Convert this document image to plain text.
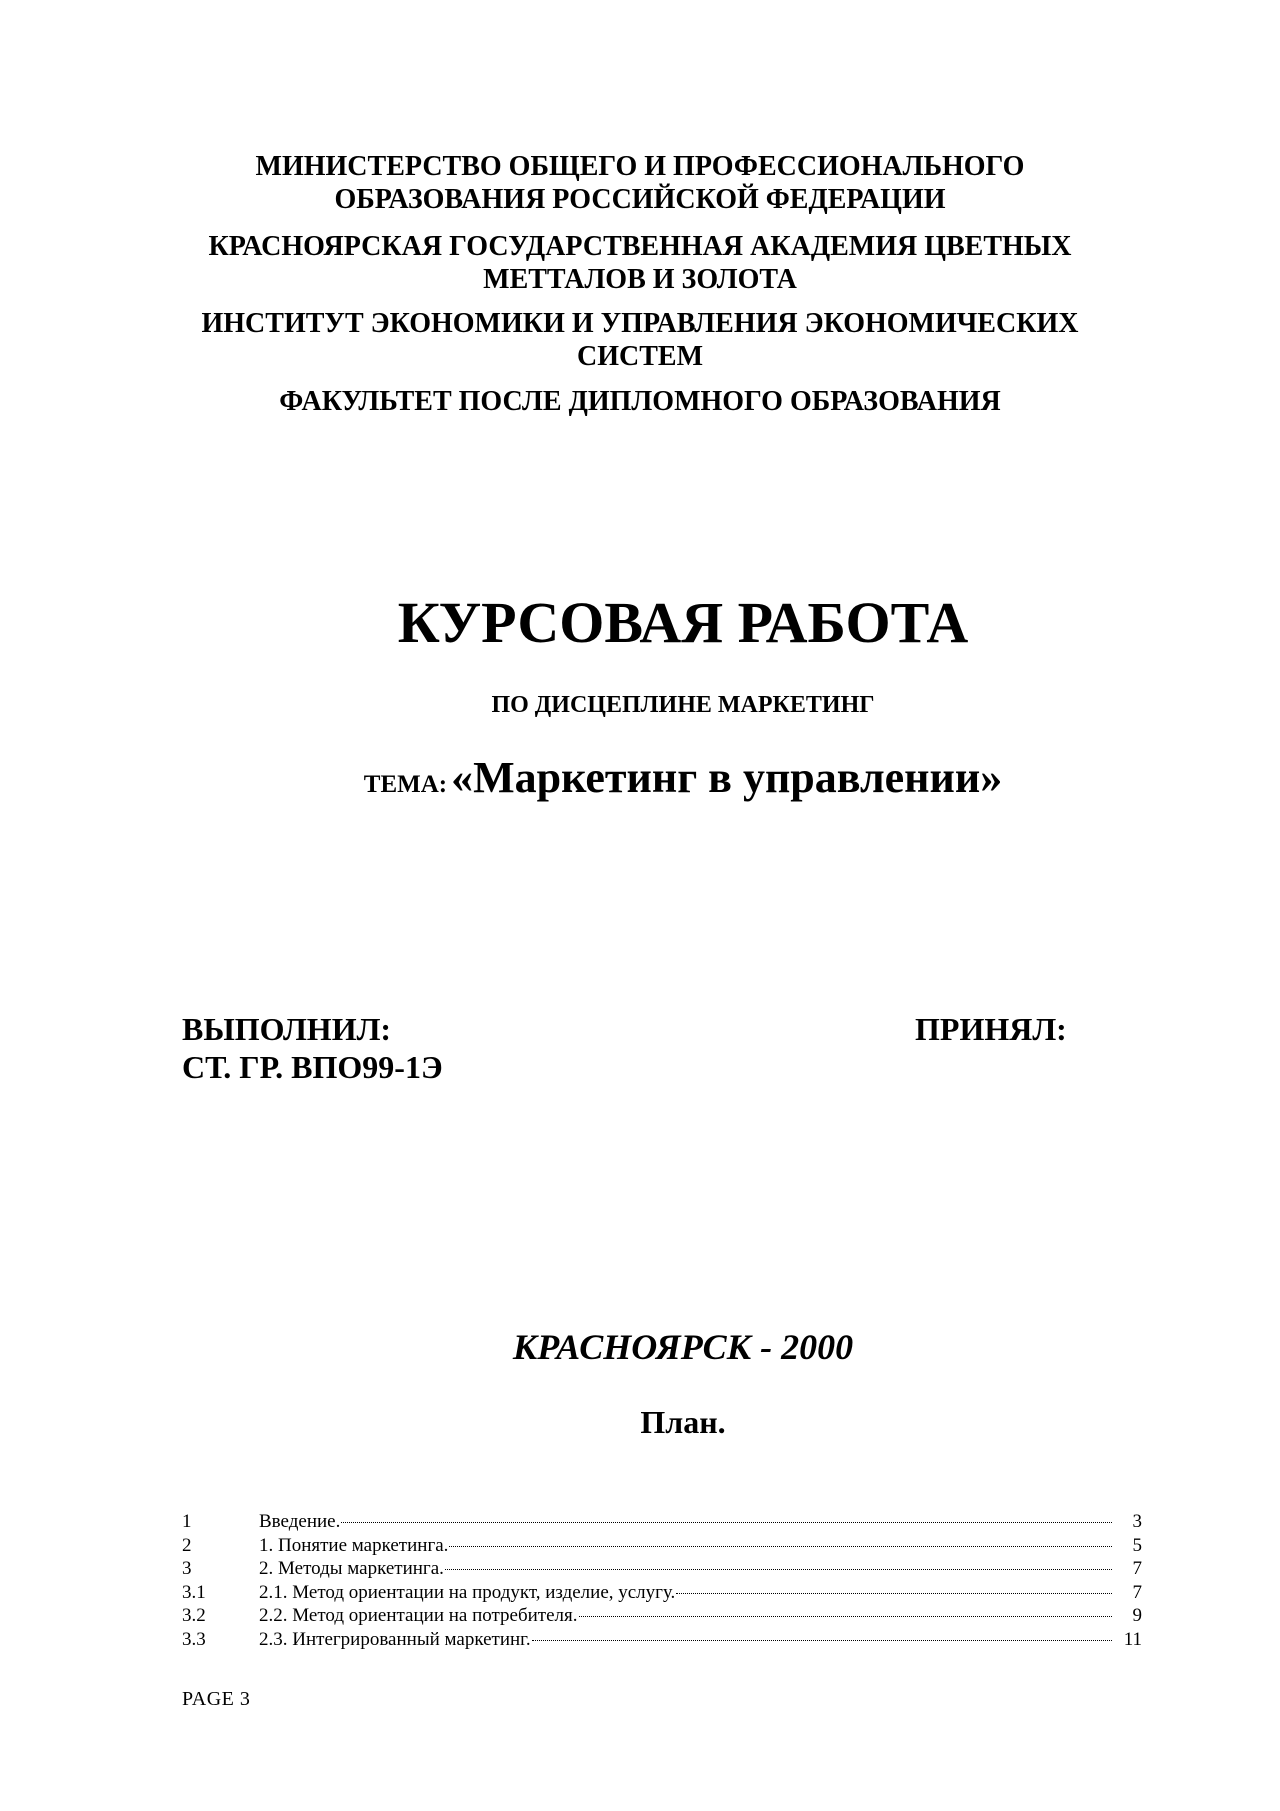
МИНИСТЕРСТВО ОБЩЕГО И ПРОФЕССИОНАЛЬНОГО
ОБРАЗОВАНИЯ РОССИЙСКОЙ ФЕДЕРАЦИИ
КРАСНОЯРСКАЯ ГОСУДАРСТВЕННАЯ АКАДЕМИЯ ЦВЕТНЫХ
МЕТТАЛОВ И ЗОЛОТА
ИНСТИТУТ ЭКОНОМИКИ И УПРАВЛЕНИЯ ЭКОНОМИЧЕСКИХ
СИСТЕМ
ФАКУЛЬТЕТ ПОСЛЕ ДИПЛОМНОГО ОБРАЗОВАНИЯ
КУРСОВАЯ РАБОТА
ПО ДИСЦЕПЛИНЕ МАРКЕТИНГ
ТЕМА: «Маркетинг в управлении»
ВЫПОЛНИЛ:
СТ. ГР. ВПО99-1Э
ПРИНЯЛ:
КРАСНОЯРСК - 2000
План.
1	Введение.	3
2	1. Понятие маркетинга.	5
3	2. Методы маркетинга.	7
3.1	2.1. Метод ориентации на продукт, изделие, услугу.	7
3.2	2.2. Метод ориентации на потребителя.	9
3.3	2.3. Интегрированный маркетинг.	11
PAGE 3
